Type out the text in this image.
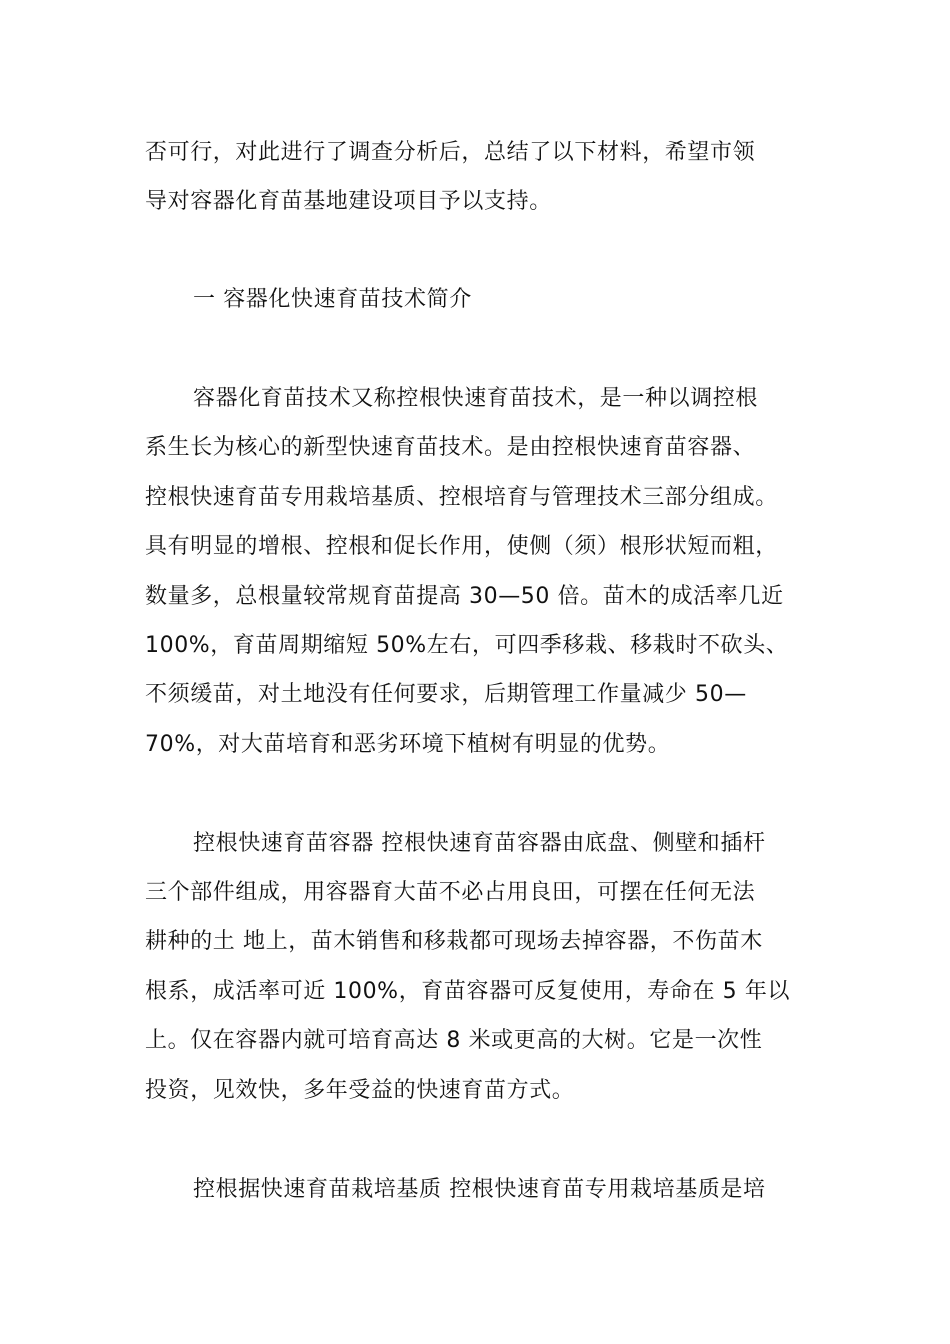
否可行，对此进行了调查分析后，总结了以下材料，希望市领
导对容器化育苗基地建设项目予以支持。
一 容器化快速育苗技术简介
容器化育苗技术又称控根快速育苗技术，是一种以调控根
系生长为核心的新型快速育苗技术。是由控根快速育苗容器、
控根快速育苗专用栽培基质、控根培育与管理技术三部分组成。
具有明显的增根、控根和促长作用，使侧（须）根形状短而粗，
数量多，总根量较常规育苗提高 30—50 倍。苗木的成活率几近
100%，育苗周期缩短 50%左右，可四季移栽、移栽时不砍头、
不须缓苗，对土地没有任何要求，后期管理工作量减少 50—
70%，对大苗培育和恶劣环境下植树有明显的优势。
控根快速育苗容器 控根快速育苗容器由底盘、侧壁和插杆
三个部件组成，用容器育大苗不必占用良田，可摆在任何无法
耕种的土 地上，苗木销售和移栽都可现场去掉容器，不伤苗木
根系，成活率可近 100%，育苗容器可反复使用，寿命在 5 年以
上。仅在容器内就可培育高达 8 米或更高的大树。它是一次性
投资，见效快，多年受益的快速育苗方式。
控根据快速育苗栽培基质 控根快速育苗专用栽培基质是培
